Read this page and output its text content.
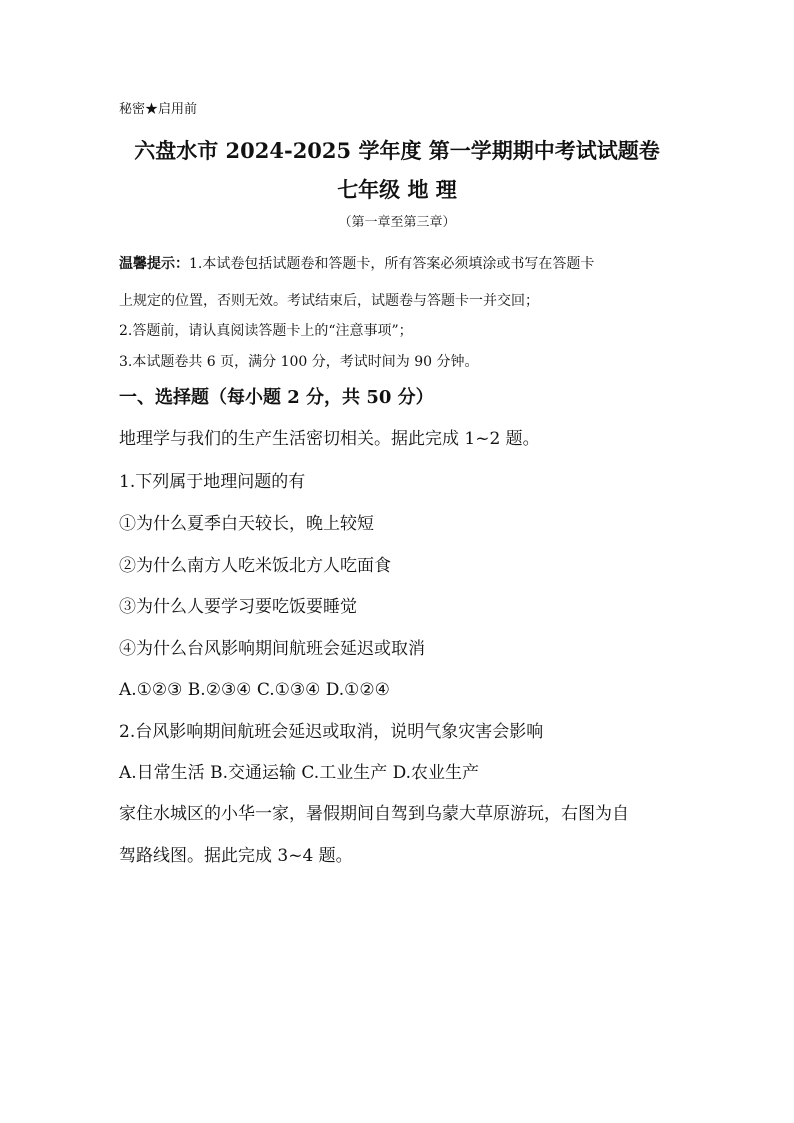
秘密★启用前
六盘水市 2024-2025 学年度 第一学期期中考试试题卷
七年级 地 理
（第一章至第三章）
温馨提示：1.本试卷包括试题卷和答题卡，所有答案必须填涂或书写在答题卡
上规定的位置，否则无效。考试结束后，试题卷与答题卡一并交回；
2.答题前，请认真阅读答题卡上的“注意事项”；
3.本试题卷共 6 页，满分 100 分，考试时间为 90 分钟。
一、选择题（每小题 2 分，共 50 分）
地理学与我们的生产生活密切相关。据此完成 1~2 题。
1.下列属于地理问题的有
①为什么夏季白天较长，晚上较短
②为什么南方人吃米饭北方人吃面食
③为什么人要学习要吃饭要睡觉
④为什么台风影响期间航班会延迟或取消
A.①②③ B.②③④ C.①③④ D.①②④
2.台风影响期间航班会延迟或取消，说明气象灾害会影响
A.日常生活 B.交通运输 C.工业生产 D.农业生产
家住水城区的小华一家，暑假期间自驾到乌蒙大草原游玩，右图为自
驾路线图。据此完成 3~4 题。
